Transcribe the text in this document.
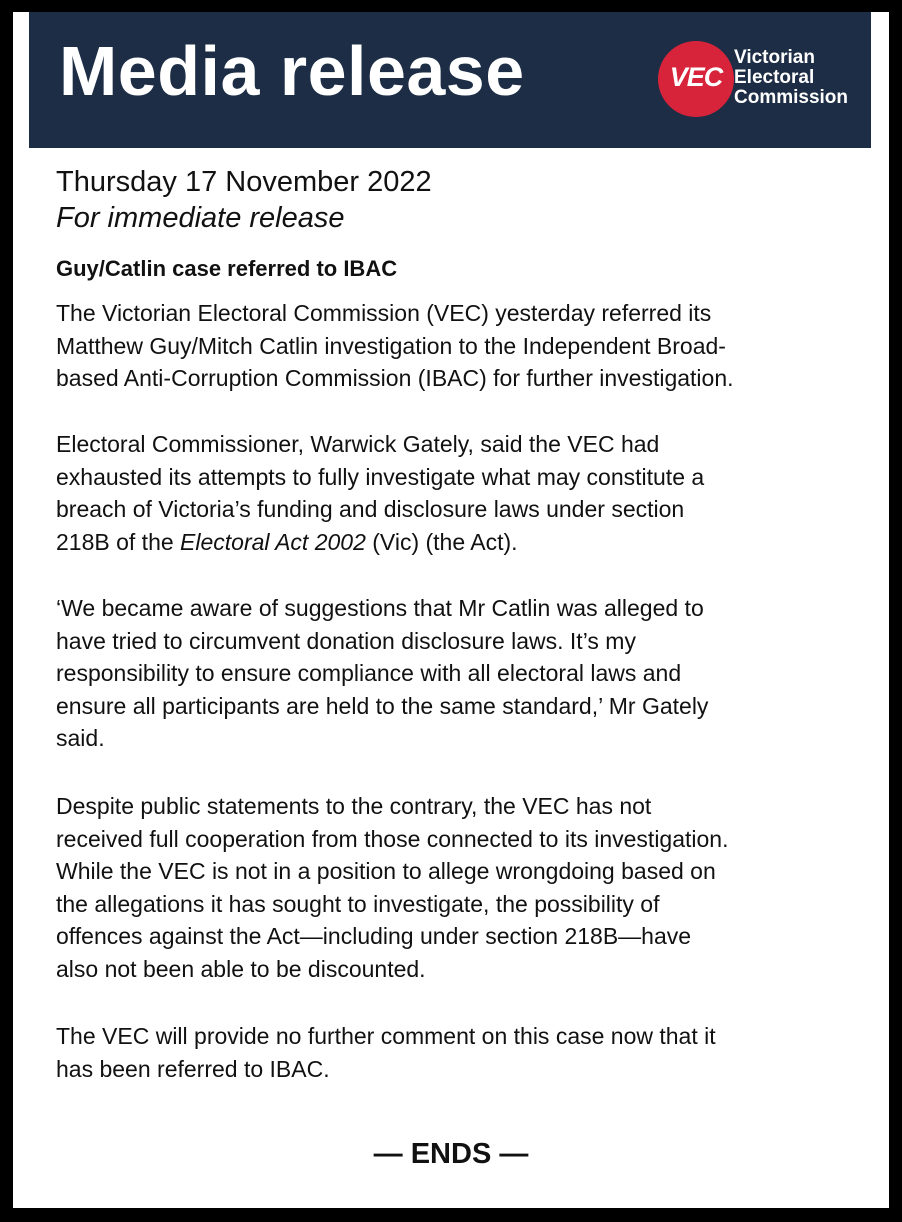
Media release	VEC
Victorian
Electoral
Commission
Thursday 17 November 2022
For immediate release
Guy/Catlin case referred to IBAC
The Victorian Electoral Commission (VEC) yesterday referred its
Matthew Guy/Mitch Catlin investigation to the Independent Broad-
based Anti-Corruption Commission (IBAC) for further investigation.
Electoral Commissioner, Warwick Gately, said the VEC had
exhausted its attempts to fully investigate what may constitute a
breach of Victoria’s funding and disclosure laws under section
218B of the Electoral Act 2002 (Vic) (the Act).
‘We became aware of suggestions that Mr Catlin was alleged to
have tried to circumvent donation disclosure laws. It’s my
responsibility to ensure compliance with all electoral laws and
ensure all participants are held to the same standard,’ Mr Gately
said.
Despite public statements to the contrary, the VEC has not
received full cooperation from those connected to its investigation.
While the VEC is not in a position to allege wrongdoing based on
the allegations it has sought to investigate, the possibility of
offences against the Act—including under section 218B—have
also not been able to be discounted.
The VEC will provide no further comment on this case now that it
has been referred to IBAC.
— ENDS —
